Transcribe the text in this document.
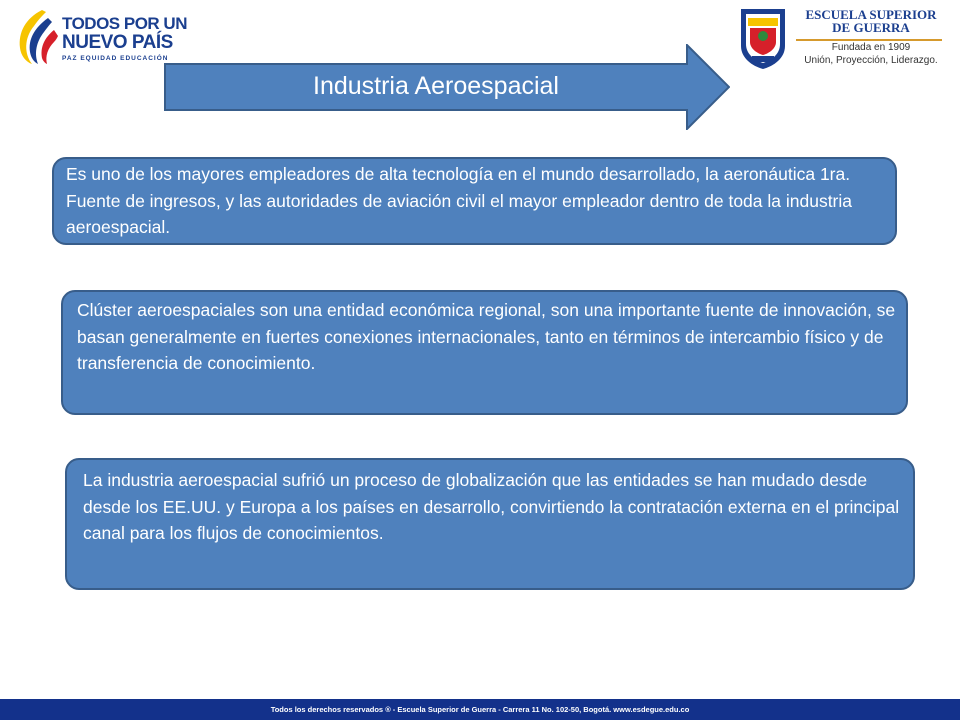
TODOS POR UN
NUEVO PAÍS
PAZ EQUIDAD EDUCACIÓN
ESCUELA SUPERIOR
DE GUERRA
Fundada en 1909
Unión, Proyección, Liderazgo.
Industria Aeroespacial
Es uno de los mayores empleadores de alta tecnología en el mundo desarrollado, la aeronáutica 1ra. Fuente de ingresos, y las autoridades de aviación civil el mayor empleador dentro de toda la industria aeroespacial.
Clúster aeroespaciales son una entidad económica regional, son una importante fuente de innovación, se basan generalmente en fuertes conexiones internacionales, tanto en términos de intercambio físico y de transferencia de conocimiento.
La industria aeroespacial sufrió un proceso de globalización que las entidades se han mudado desde desde los EE.UU. y Europa a los países en desarrollo, convirtiendo la contratación externa en el principal canal para los flujos de conocimientos.
Todos los derechos reservados ® - Escuela Superior de Guerra - Carrera 11 No. 102-50, Bogotá. www.esdegue.edu.co
